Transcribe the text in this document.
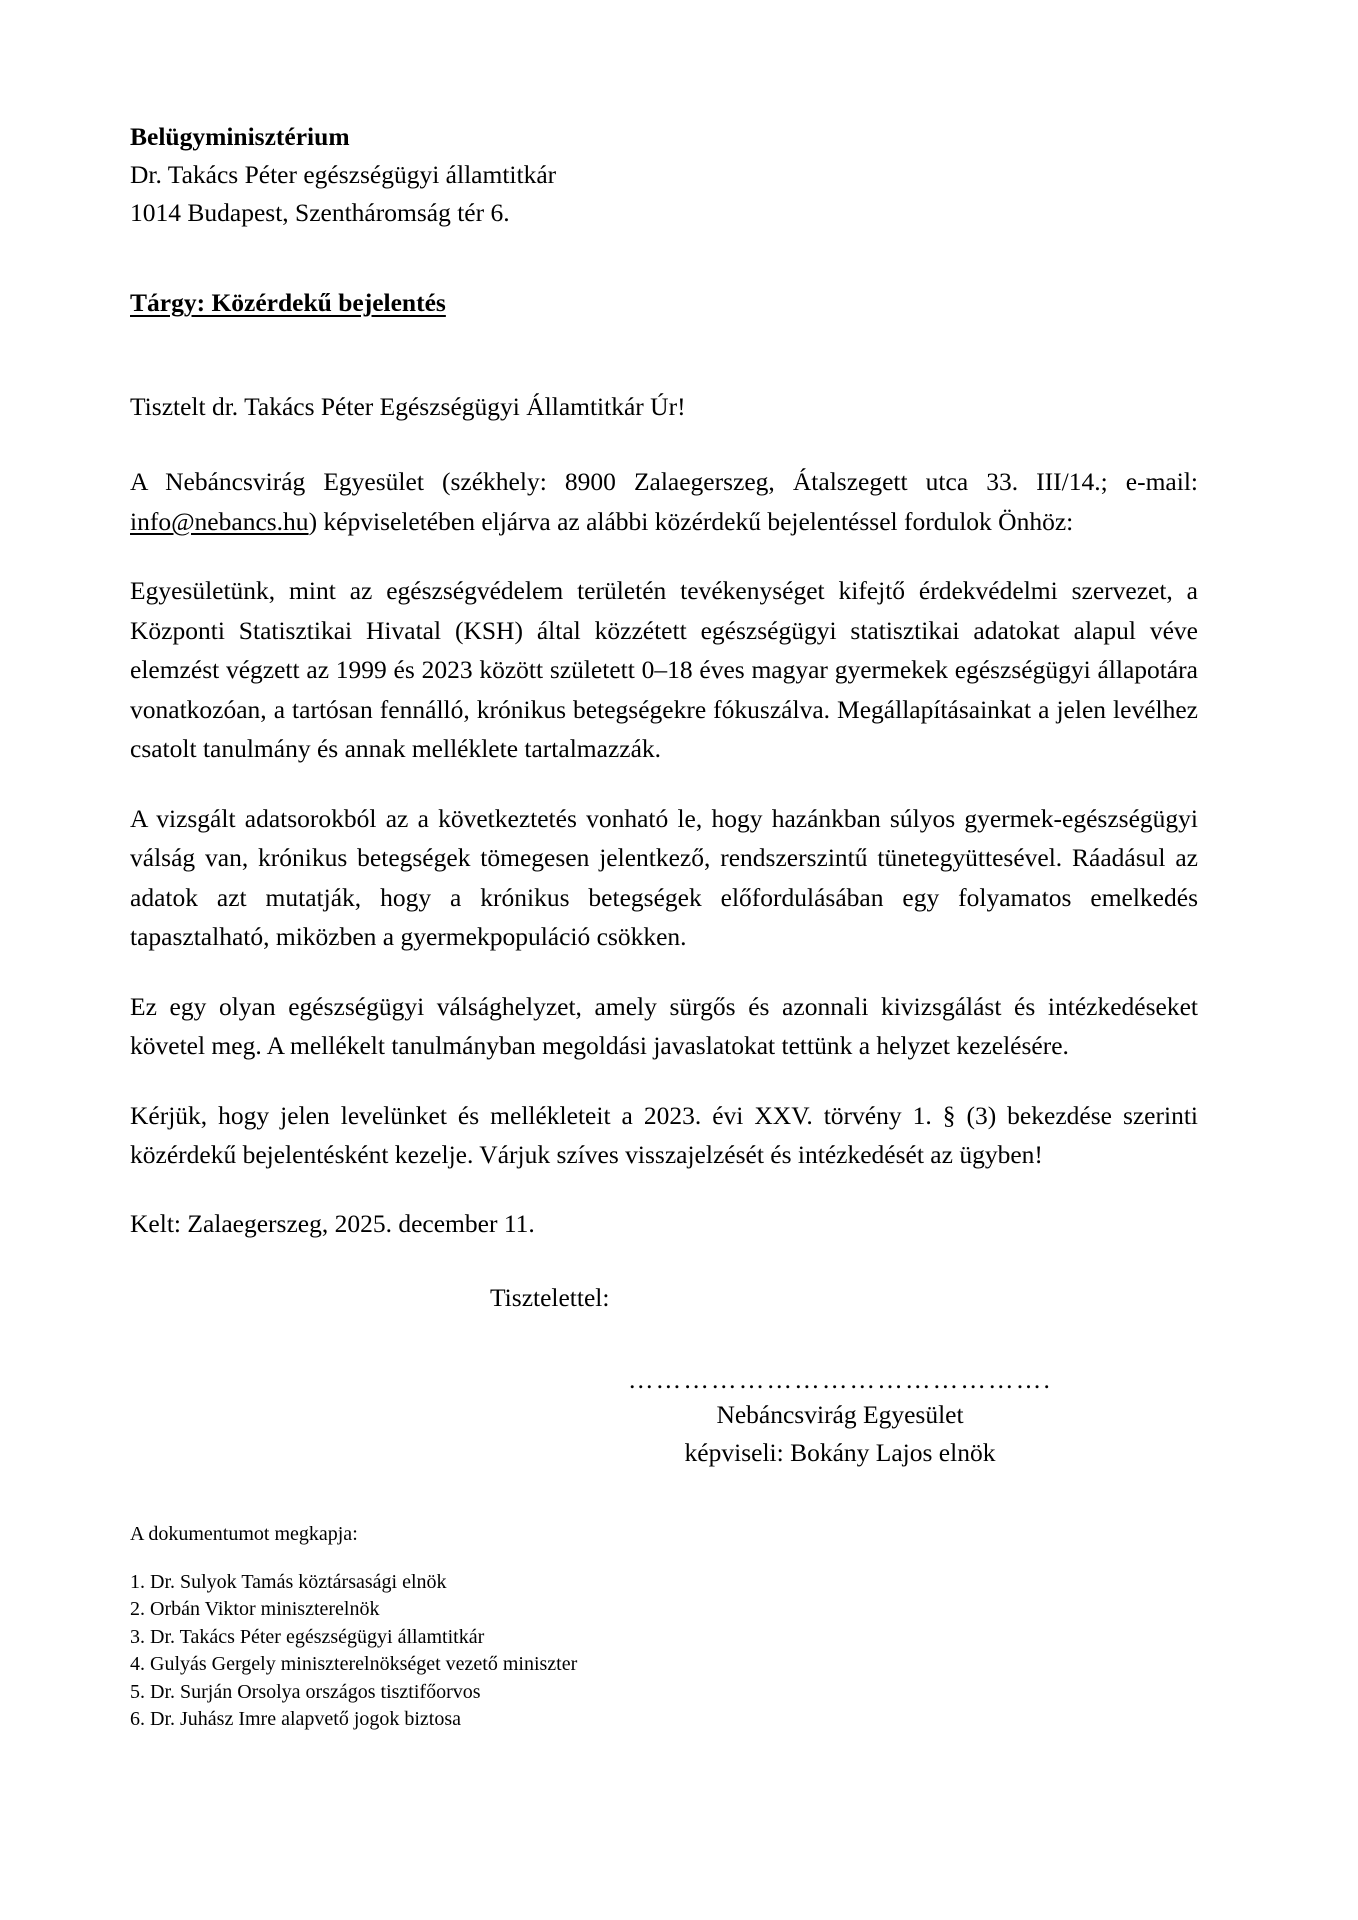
Belügyminisztérium
Dr. Takács Péter egészségügyi államtitkár
1014 Budapest, Szentháromság tér 6.
Tárgy: Közérdekű bejelentés
Tisztelt dr. Takács Péter Egészségügyi Államtitkár Úr!

A Nebáncsvirág Egyesület (székhely: 8900 Zalaegerszeg, Átalszegett utca 33. III/14.; e-mail: info@nebancs.hu) képviseletében eljárva az alábbi közérdekű bejelentéssel fordulok Önhöz:

Egyesületünk, mint az egészségvédelem területén tevékenységet kifejtő érdekvédelmi szervezet, a Központi Statisztikai Hivatal (KSH) által közzétett egészségügyi statisztikai adatokat alapul véve elemzést végzett az 1999 és 2023 között született 0–18 éves magyar gyermekek egészségügyi állapotára vonatkozóan, a tartósan fennálló, krónikus betegségekre fókuszálva. Megállapításainkat a jelen levélhez csatolt tanulmány és annak melléklete tartalmazzák.

A vizsgált adatsorokból az a következtetés vonható le, hogy hazánkban súlyos gyermek-egészségügyi válság van, krónikus betegségek tömegesen jelentkező, rendszerszintű tünetegyüttesével. Ráadásul az adatok azt mutatják, hogy a krónikus betegségek előfordulásában egy folyamatos emelkedés tapasztalható, miközben a gyermekpopuláció csökken.

Ez egy olyan egészségügyi válsághelyzet, amely sürgős és azonnali kivizsgálást és intézkedéseket követel meg. A mellékelt tanulmányban megoldási javaslatokat tettünk a helyzet kezelésére.

Kérjük, hogy jelen levelünket és mellékleteit a 2023. évi XXV. törvény 1. § (3) bekezdése szerinti közérdekű bejelentésként kezelje. Várjuk szíves visszajelzését és intézkedését az ügyben!

Kelt: Zalaegerszeg, 2025. december 11.
Tisztelettel:
……………………………………….
Nebáncsvirág Egyesület
képviseli: Bokány Lajos elnök
A dokumentumot megkapja:
1. Dr. Sulyok Tamás köztársasági elnök
2. Orbán Viktor miniszterelnök
3. Dr. Takács Péter egészségügyi államtitkár
4. Gulyás Gergely miniszterelnökséget vezető miniszter
5. Dr. Surján Orsolya országos tisztifőorvos
6. Dr. Juhász Imre alapvető jogok biztosa
